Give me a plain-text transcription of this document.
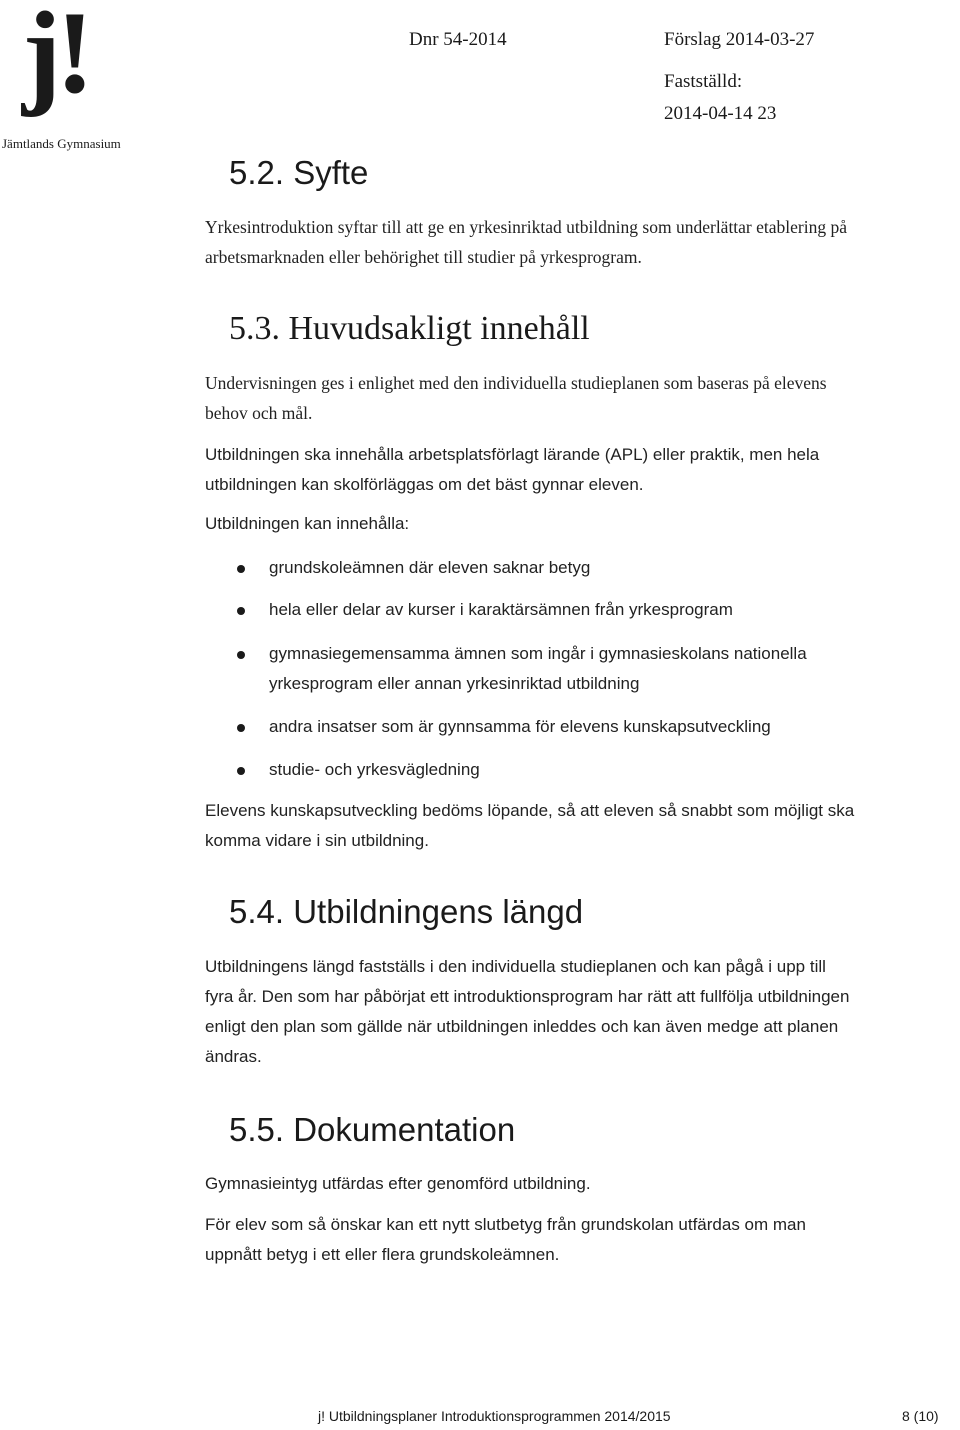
j!
Jämtlands Gymnasium
Dnr 54-2014	Förslag 2014-03-27
Fastställd:
2014-04-14 23
5.2. Syfte
Yrkesintroduktion syftar till att ge en yrkesinriktad utbildning som underlättar etablering på arbetsmarknaden eller behörighet till studier på yrkesprogram.
5.3. Huvudsakligt innehåll
Undervisningen ges i enlighet med den individuella studieplanen som baseras på elevens behov och mål.
Utbildningen ska innehålla arbetsplatsförlagt lärande (APL) eller praktik, men hela utbildningen kan skolförläggas om det bäst gynnar eleven.
Utbildningen kan innehålla:
grundskoleämnen där eleven saknar betyg
hela eller delar av kurser i karaktärsämnen från yrkesprogram
gymnasiegemensamma ämnen som ingår i gymnasieskolans nationella yrkesprogram eller annan yrkesinriktad utbildning
andra insatser som är gynnsamma för elevens kunskapsutveckling
studie- och yrkesvägledning
Elevens kunskapsutveckling bedöms löpande, så att eleven så snabbt som möjligt ska komma vidare i sin utbildning.
5.4. Utbildningens längd
Utbildningens längd fastställs i den individuella studieplanen och kan pågå i upp till fyra år. Den som har påbörjat ett introduktionsprogram har rätt att fullfölja utbildningen enligt den plan som gällde när utbildningen inleddes och kan även medge att planen ändras.
5.5. Dokumentation
Gymnasieintyg utfärdas efter genomförd utbildning.
För elev som så önskar kan ett nytt slutbetyg från grundskolan utfärdas om man uppnått betyg i ett eller flera grundskoleämnen.
j! Utbildningsplaner Introduktionsprogrammen 2014/2015	8 (10)
